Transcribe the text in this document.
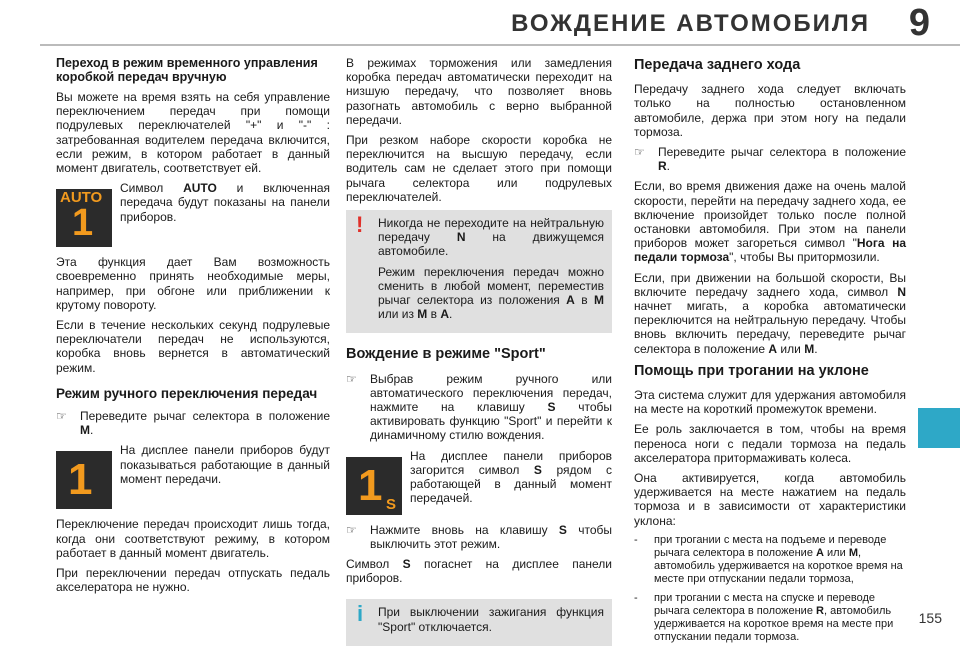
ВОЖДЕНИЕ АВТОМОБИЛЯ 9
155
Переход в режим временного управления коробкой передач вручную

Вы можете на время взять на себя управление переключением передач при помощи подрулевых переключателей "+" и "-" : затребованная водителем передача включится, если режим, в котором работает в данный момент двигатель, соответствует ей.

AUTO
1
Символ AUTO и включенная передача будут показаны на панели приборов.

Эта функция дает Вам возможность своевременно принять необходимые меры, например, при обгоне или приближении к крутому повороту.

Если в течение нескольких секунд подрулевые переключатели передач не используются, коробка вновь вернется в автоматический режим.

Режим ручного переключения передач
☞ Переведите рычаг селектора в положение M.
1
На дисплее панели приборов будут показываться работающие в данный момент передачи.

Переключение передач происходит лишь тогда, когда они соответствуют режиму, в котором работает в данный момент двигатель.

При переключении передач отпускать педаль акселератора не нужно.

В режимах торможения или замедления коробка передач автоматически переходит на низшую передачу, что позволяет вновь разогнать автомобиль с верно выбранной передачи.

При резком наборе скорости коробка не переключится на высшую передачу, если водитель сам не сделает этого при помощи рычага селектора или подрулевых переключателей.

! Никогда не переходите на нейтральную передачу N на движущемся автомобиле.

Режим переключения передач можно сменить в любой момент, переместив рычаг селектора из положения A в M или из M в A.

Вождение в режиме "Sport"
☞ Выбрав режим ручного или автоматического переключения передач, нажмите на клавишу S чтобы активировать функцию "Sport" и перейти к динамичному стилю вождения.
1 S
На дисплее панели приборов загорится символ S рядом с работающей в данный момент передачей.
☞ Нажмите вновь на клавишу S чтобы выключить этот режим.

Символ S погаснет на дисплее панели приборов.

i При выключении зажигания функция "Sport" отключается.

Передача заднего хода

Передачу заднего хода следует включать только на полностью остановленном автомобиле, держа при этом ногу на педали тормоза.

☞ Переведите рычаг селектора в положение R.

Если, во время движения даже на очень малой скорости, перейти на передачу заднего хода, ее включение произойдет только после полной остановки автомобиля. При этом на панели приборов может загореться символ "Нога на педали тормоза", чтобы Вы притормозили.

Если, при движении на большой скорости, Вы включите передачу заднего хода, символ N начнет мигать, а коробка автоматически переключится на нейтральную передачу. Чтобы вновь включить передачу, переведите рычаг селектора в положение A или M.

Помощь при трогании на уклоне

Эта система служит для удержания автомобиля на месте на короткий промежуток времени.

Ее роль заключается в том, чтобы на время переноса ноги с педали тормоза на педаль акселератора притормаживать колеса.

Она активируется, когда автомобиль удерживается на месте нажатием на педаль тормоза и в зависимости от характеристики уклона:

-	при трогании с места на подъеме и переводе рычага селектора в положение A или M, автомобиль удерживается на короткое время на месте при отпускании педали тормоза,
-	при трогании с места на спуске и переводе рычага селектора в положение R, автомобиль удерживается на короткое время на месте при отпускании педали тормоза.
